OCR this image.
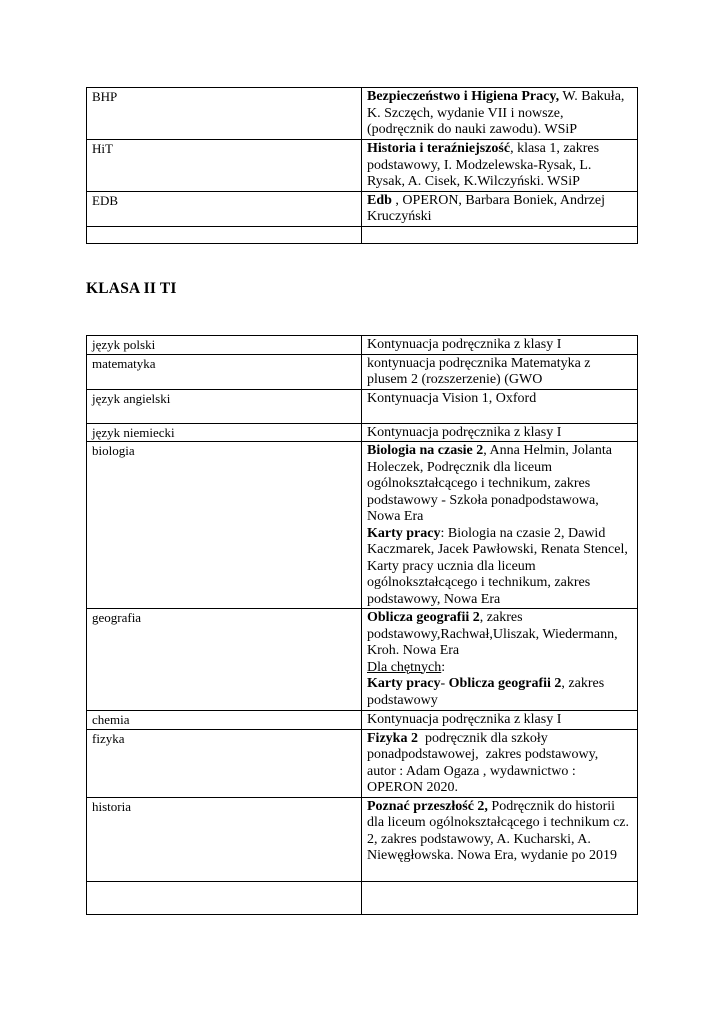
BHP	Bezpieczeństwo i Higiena Pracy, W. Bakuła, K. Szczęch, wydanie VII i nowsze, (podręcznik do nauki zawodu). WSiP
HiT	Historia i teraźniejszość, klasa 1, zakres podstawowy, I. Modzelewska-Rysak, L. Rysak, A. Cisek, K.Wilczyński. WSiP
EDB	Edb , OPERON, Barbara Boniek, Andrzej Kruczyński

KLASA II TI
język polski	Kontynuacja podręcznika z klasy I
matematyka	kontynuacja podręcznika Matematyka z plusem 2 (rozszerzenie) (GWO
język angielski	Kontynuacja Vision 1, Oxford
język niemiecki	Kontynuacja podręcznika z klasy I
biologia	Biologia na czasie 2, Anna Helmin, Jolanta Holeczek, Podręcznik dla liceum ogólnokształcącego i technikum, zakres podstawowy - Szkoła ponadpodstawowa, Nowa Era
Karty pracy: Biologia na czasie 2, Dawid Kaczmarek, Jacek Pawłowski, Renata Stencel, Karty pracy ucznia dla liceum ogólnokształcącego i technikum, zakres podstawowy, Nowa Era
geografia	Oblicza geografii 2, zakres podstawowy,Rachwał,Uliszak, Wiedermann, Kroh. Nowa Era
Dla chętnych:
Karty pracy- Oblicza geografii 2, zakres podstawowy
chemia	Kontynuacja podręcznika z klasy I
fizyka	Fizyka 2  podręcznik dla szkoły ponadpodstawowej,  zakres podstawowy,   autor : Adam Ogaza , wydawnictwo : OPERON 2020.
historia	Poznać przeszłość 2, Podręcznik do historii dla liceum ogólnokształcącego i technikum cz. 2, zakres podstawowy, A. Kucharski, A. Niewęgłowska. Nowa Era, wydanie po 2019
